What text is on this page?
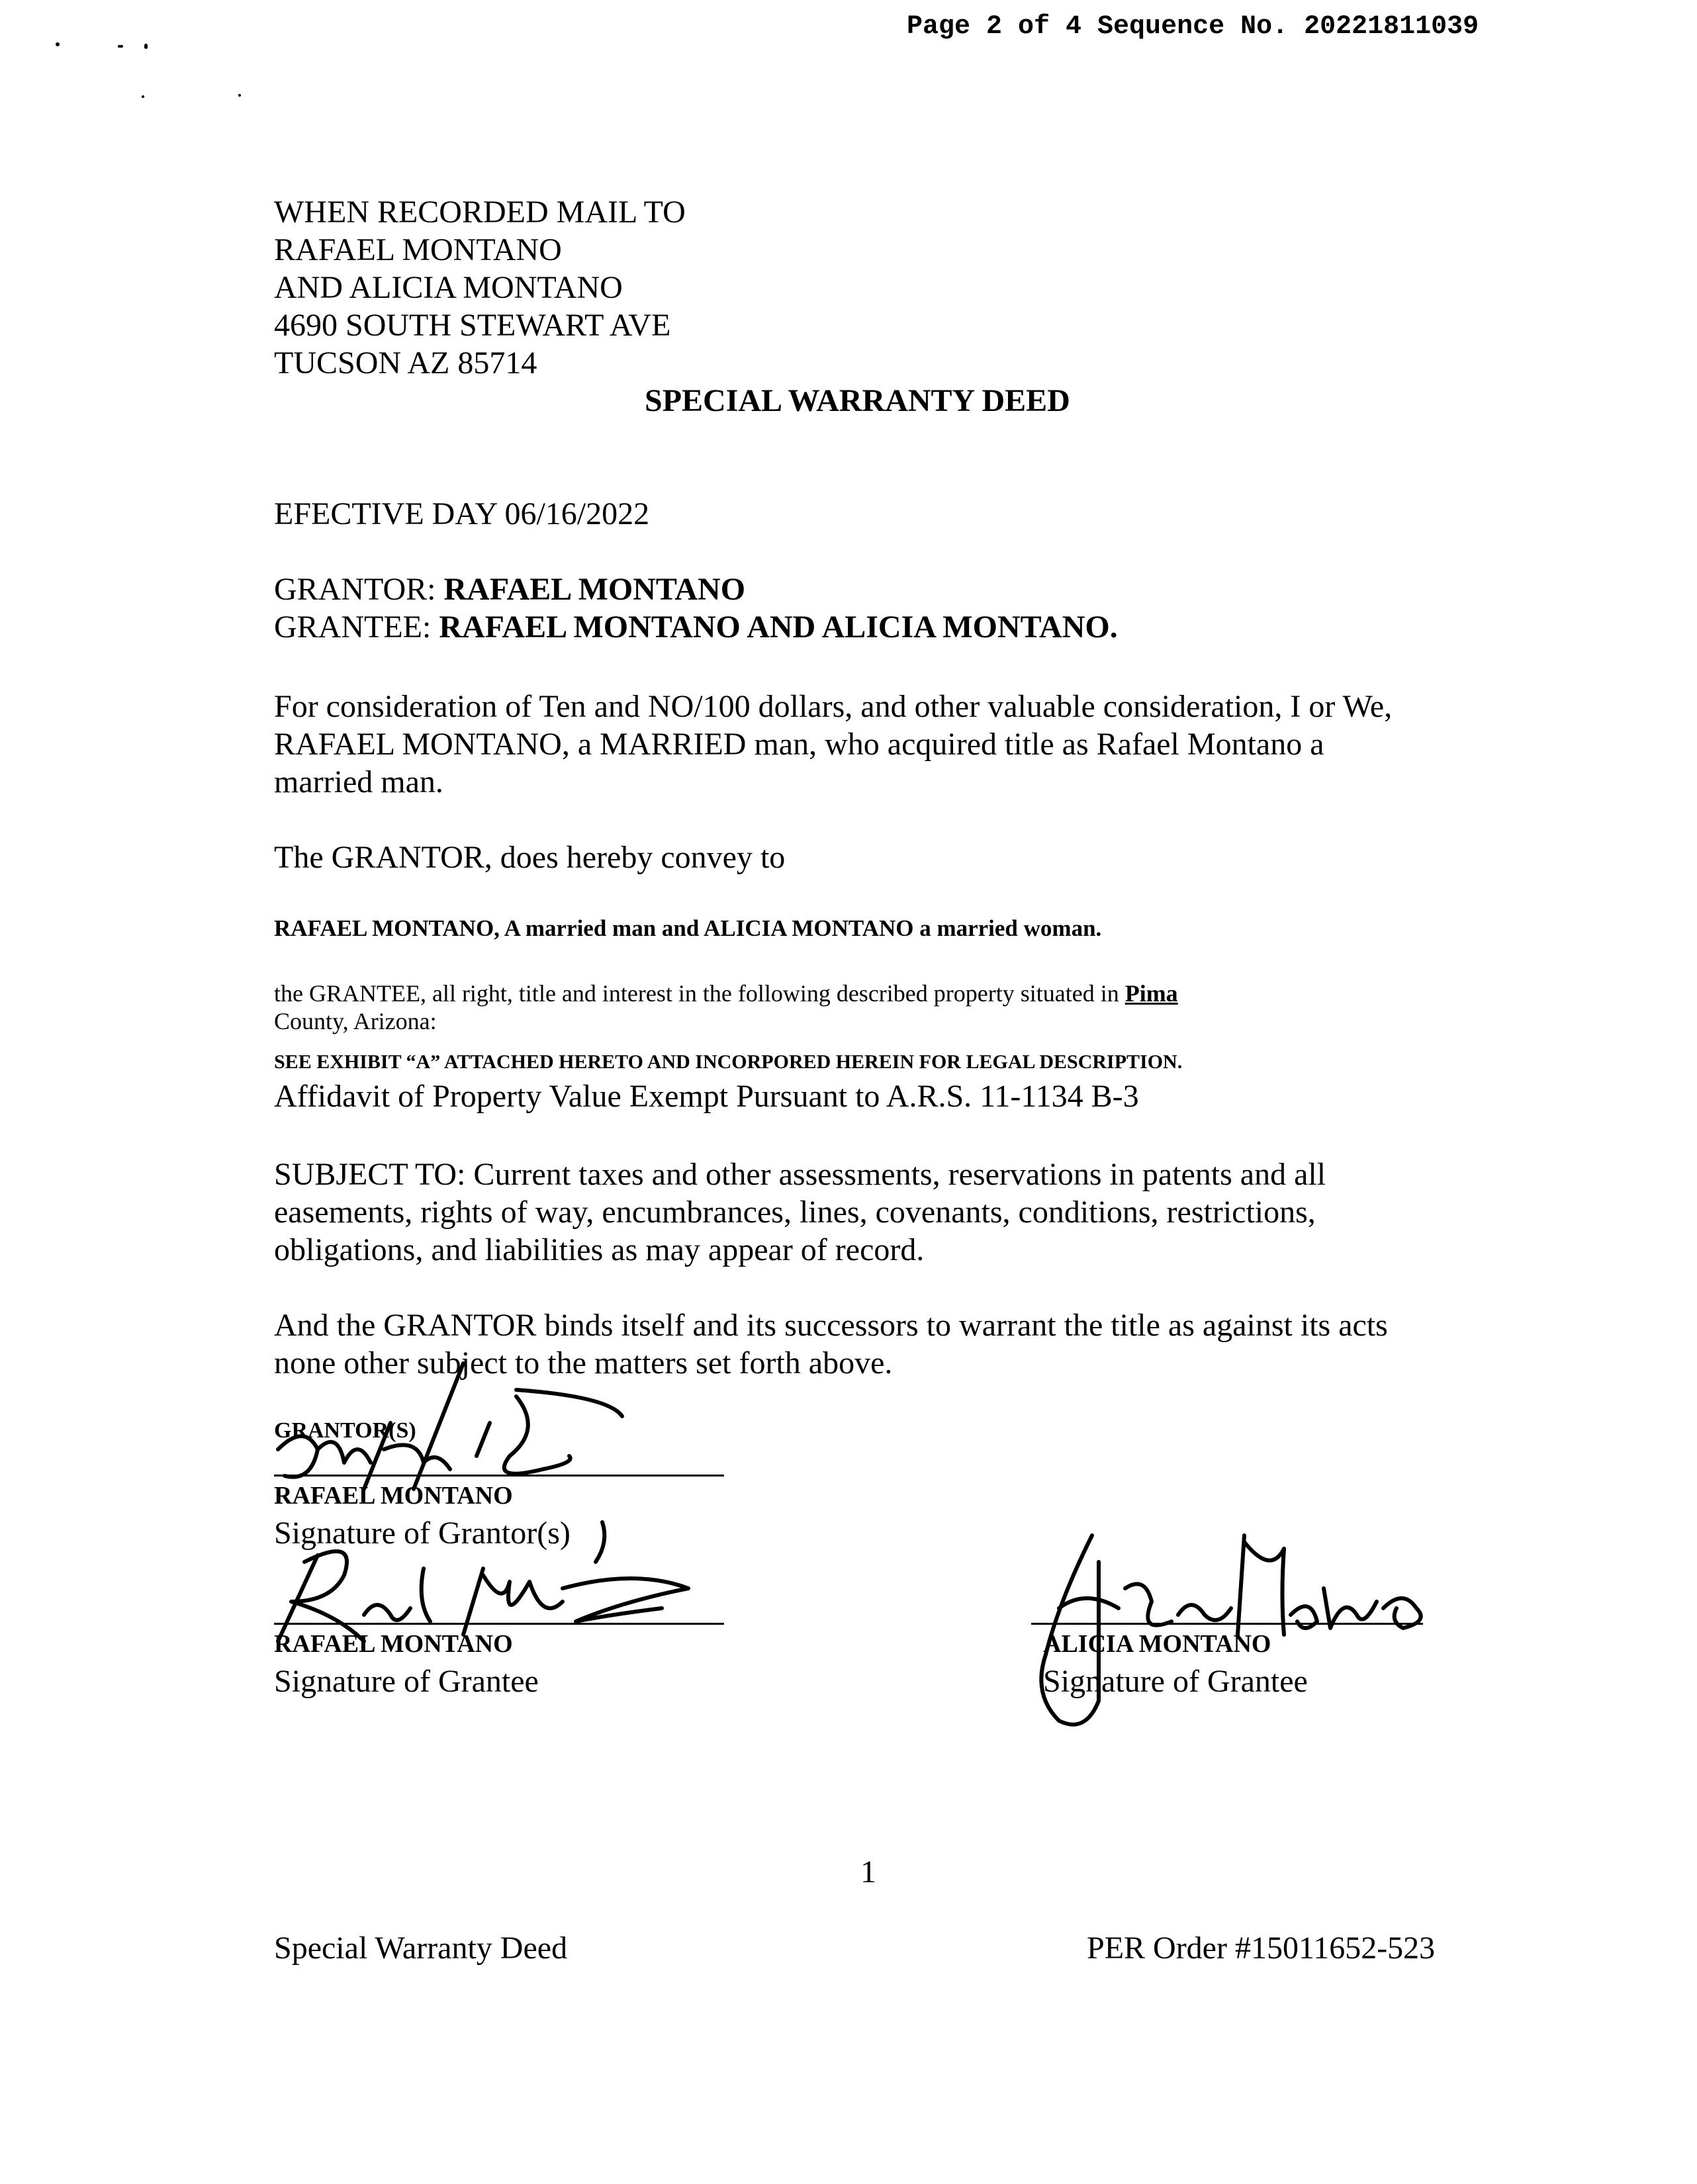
Page 2 of 4 Sequence No. 20221811039
WHEN RECORDED MAIL TO
RAFAEL MONTANO
AND ALICIA MONTANO
4690 SOUTH STEWART AVE
TUCSON AZ 85714
SPECIAL WARRANTY DEED
EFECTIVE DAY 06/16/2022
GRANTOR: RAFAEL MONTANO
GRANTEE: RAFAEL MONTANO AND ALICIA MONTANO.
For consideration of Ten and NO/100 dollars, and other valuable consideration, I or We,
RAFAEL MONTANO, a MARRIED man, who acquired title as Rafael Montano a
married man.
The GRANTOR, does hereby convey to
RAFAEL MONTANO, A married man and ALICIA MONTANO a married woman.
the GRANTEE, all right, title and interest in the following described property situated in Pima
County, Arizona:
SEE EXHIBIT “A” ATTACHED HERETO AND INCORPORED HEREIN FOR LEGAL DESCRIPTION.
Affidavit of Property Value Exempt Pursuant to A.R.S. 11-1134 B-3
SUBJECT TO: Current taxes and other assessments, reservations in patents and all
easements, rights of way, encumbrances, lines, covenants, conditions, restrictions,
obligations, and liabilities as may appear of record.
And the GRANTOR binds itself and its successors to warrant the title as against its acts
none other subject to the matters set forth above.
GRANTOR(S)
RAFAEL MONTANO
Signature of Grantor(s)
RAFAEL MONTANO
Signature of Grantee
ALICIA MONTANO
Signature of Grantee
1
Special Warranty Deed	PER Order #15011652-523
